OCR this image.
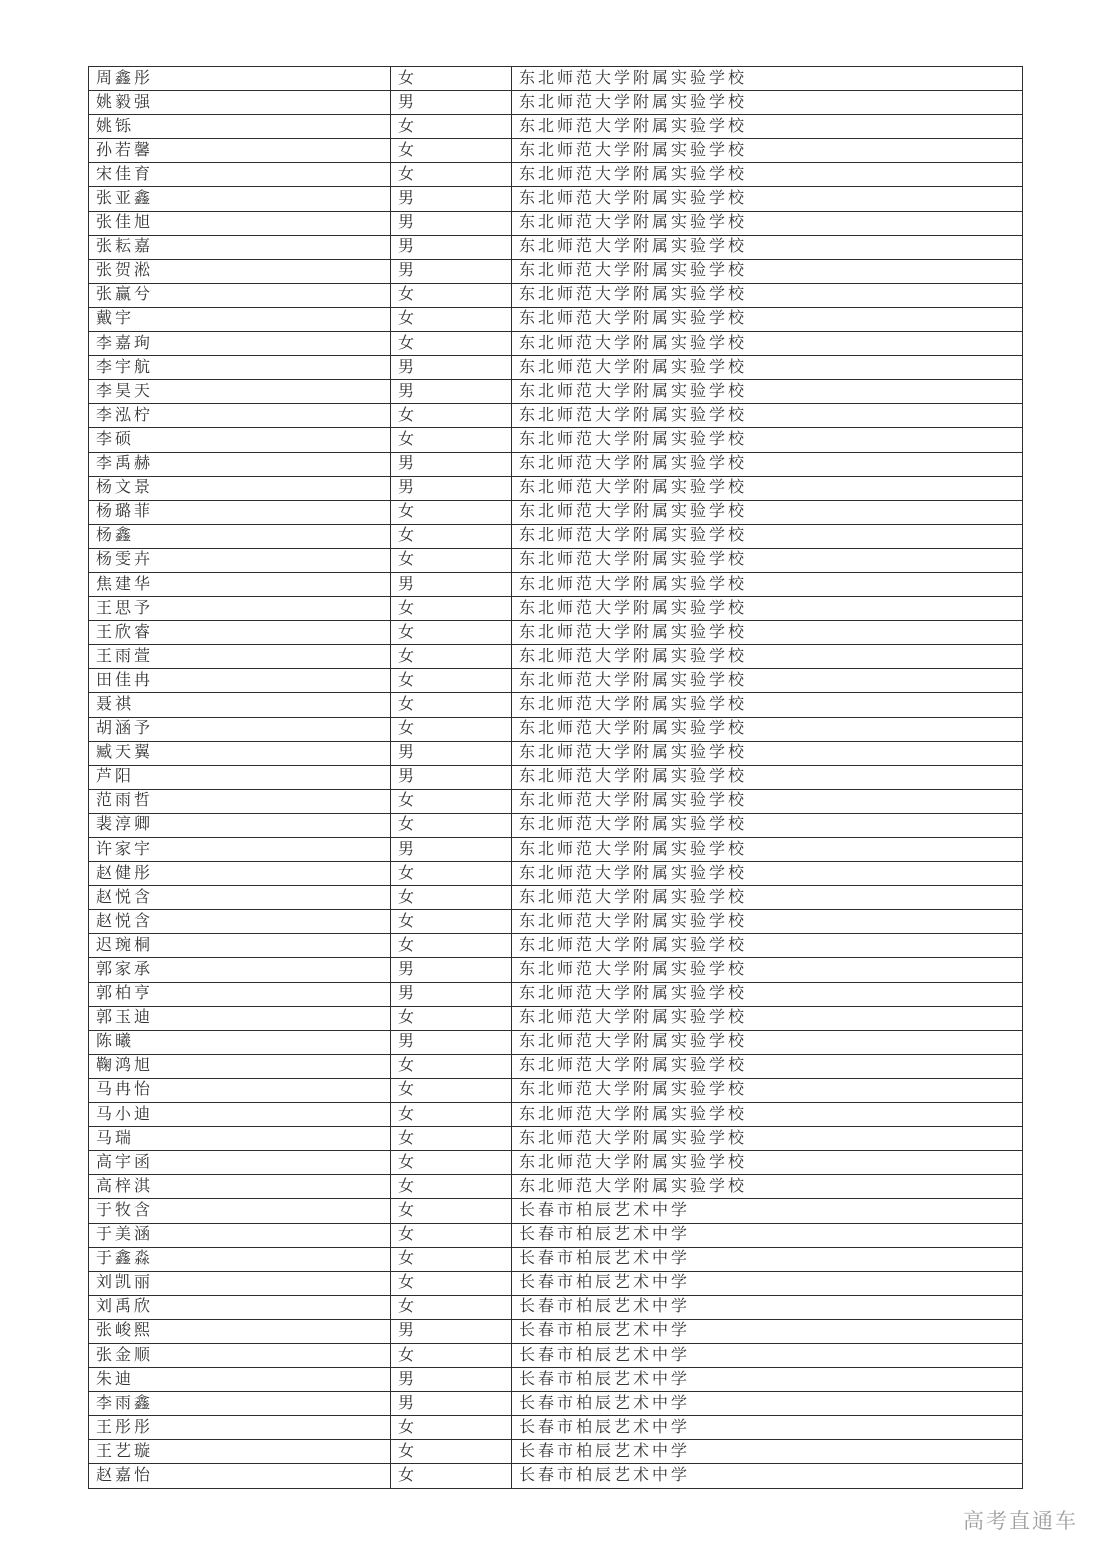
周鑫彤	女	东北师范大学附属实验学校
姚毅强	男	东北师范大学附属实验学校
姚铄	女	东北师范大学附属实验学校
孙若馨	女	东北师范大学附属实验学校
宋佳育	女	东北师范大学附属实验学校
张亚鑫	男	东北师范大学附属实验学校
张佳旭	男	东北师范大学附属实验学校
张耘嘉	男	东北师范大学附属实验学校
张贺淞	男	东北师范大学附属实验学校
张赢兮	女	东北师范大学附属实验学校
戴宇	女	东北师范大学附属实验学校
李嘉珣	女	东北师范大学附属实验学校
李宇航	男	东北师范大学附属实验学校
李昊天	男	东北师范大学附属实验学校
李泓柠	女	东北师范大学附属实验学校
李硕	女	东北师范大学附属实验学校
李禹赫	男	东北师范大学附属实验学校
杨文景	男	东北师范大学附属实验学校
杨璐菲	女	东北师范大学附属实验学校
杨鑫	女	东北师范大学附属实验学校
杨雯卉	女	东北师范大学附属实验学校
焦建华	男	东北师范大学附属实验学校
王思予	女	东北师范大学附属实验学校
王欣睿	女	东北师范大学附属实验学校
王雨萱	女	东北师范大学附属实验学校
田佳冉	女	东北师范大学附属实验学校
聂祺	女	东北师范大学附属实验学校
胡涵予	女	东北师范大学附属实验学校
臧天翼	男	东北师范大学附属实验学校
芦阳	男	东北师范大学附属实验学校
范雨哲	女	东北师范大学附属实验学校
裴淳卿	女	东北师范大学附属实验学校
许家宇	男	东北师范大学附属实验学校
赵健彤	女	东北师范大学附属实验学校
赵悦含	女	东北师范大学附属实验学校
赵悦含	女	东北师范大学附属实验学校
迟琬桐	女	东北师范大学附属实验学校
郭家承	男	东北师范大学附属实验学校
郭柏亨	男	东北师范大学附属实验学校
郭玉迪	女	东北师范大学附属实验学校
陈曦	男	东北师范大学附属实验学校
鞠鸿旭	女	东北师范大学附属实验学校
马冉怡	女	东北师范大学附属实验学校
马小迪	女	东北师范大学附属实验学校
马瑞	女	东北师范大学附属实验学校
高宇函	女	东北师范大学附属实验学校
高梓淇	女	东北师范大学附属实验学校
于牧含	女	长春市柏辰艺术中学
于美涵	女	长春市柏辰艺术中学
于鑫淼	女	长春市柏辰艺术中学
刘凯丽	女	长春市柏辰艺术中学
刘禹欣	女	长春市柏辰艺术中学
张峻熙	男	长春市柏辰艺术中学
张金顺	女	长春市柏辰艺术中学
朱迪	男	长春市柏辰艺术中学
李雨鑫	男	长春市柏辰艺术中学
王彤彤	女	长春市柏辰艺术中学
王艺璇	女	长春市柏辰艺术中学
赵嘉怡	女	长春市柏辰艺术中学
高考直通车
